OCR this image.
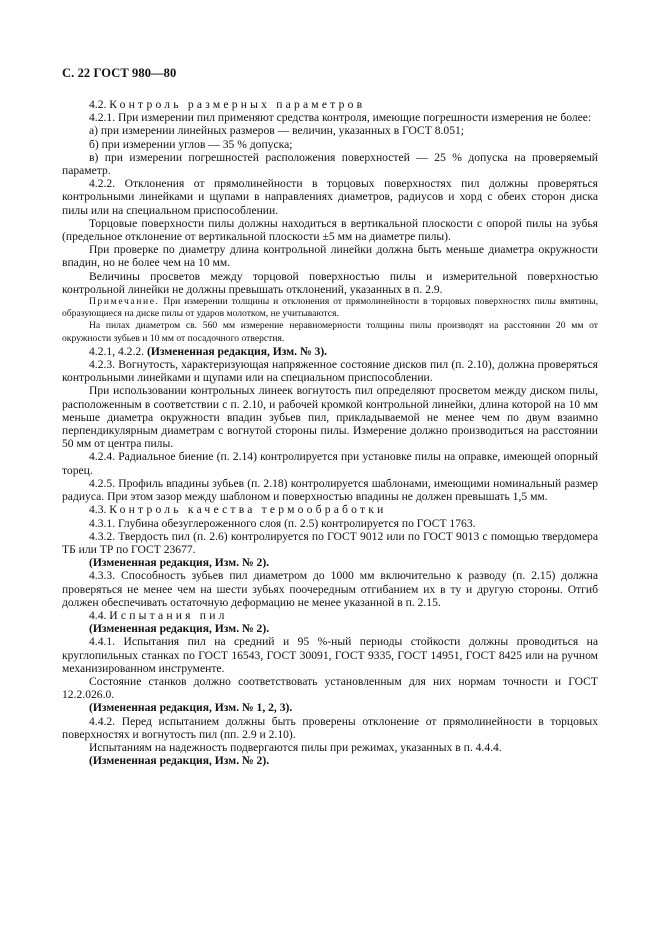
С. 22 ГОСТ 980—80

4.2. Контроль размерных параметров

4.2.1. При измерении пил применяют средства контроля, имеющие погрешности измерения не более:

а) при измерении линейных размеров — величин, указанных в ГОСТ 8.051;

б) при измерении углов — 35 % допуска;

в) при измерении погрешностей расположения поверхностей — 25 % допуска на проверяемый параметр.

4.2.2. Отклонения от прямолинейности в торцовых поверхностях пил должны проверяться контрольными линейками и щупами в направлениях диаметров, радиусов и хорд с обеих сторон диска пилы или на специальном приспособлении.

Торцовые поверхности пилы должны находиться в вертикальной плоскости с опорой пилы на зубья (предельное отклонение от вертикальной плоскости ±5 мм на диаметре пилы).

При проверке по диаметру длина контрольной линейки должна быть меньше диаметра окружности впадин, но не более чем на 10 мм.

Величины просветов между торцовой поверхностью пилы и измерительной поверхностью контрольной линейки не должны превышать отклонений, указанных в п. 2.9.

Примечание. При измерении толщины и отклонения от прямолинейности в торцовых поверхностях пилы вмятины, образующиеся на диске пилы от ударов молотком, не учитываются.

На пилах диаметром св. 560 мм измерение неравномерности толщины пилы производят на расстоянии 20 мм от окружности зубьев и 10 мм от посадочного отверстия.

4.2.1, 4.2.2. (Измененная редакция, Изм. № 3).

4.2.3. Вогнутость, характеризующая напряженное состояние дисков пил (п. 2.10), должна проверяться контрольными линейками и щупами или на специальном приспособлении.

При использовании контрольных линеек вогнутость пил определяют просветом между диском пилы, расположенным в соответствии с п. 2.10, и рабочей кромкой контрольной линейки, длина которой на 10 мм меньше диаметра окружности впадин зубьев пил, прикладываемой не менее чем по двум взаимно перпендикулярным диаметрам с вогнутой стороны пилы. Измерение должно производиться на расстоянии 50 мм от центра пилы.

4.2.4. Радиальное биение (п. 2.14) контролируется при установке пилы на оправке, имеющей опорный торец.

4.2.5. Профиль впадины зубьев (п. 2.18) контролируется шаблонами, имеющими номинальный размер радиуса. При этом зазор между шаблоном и поверхностью впадины не должен превышать 1,5 мм.

4.3. Контроль качества термообработки

4.3.1. Глубина обезуглероженного слоя (п. 2.5) контролируется по ГОСТ 1763.

4.3.2. Твердость пил (п. 2.6) контролируется по ГОСТ 9012 или по ГОСТ 9013 с помощью твердомера ТБ или ТР по ГОСТ 23677.

(Измененная редакция, Изм. № 2).

4.3.3. Способность зубьев пил диаметром до 1000 мм включительно к разводу (п. 2.15) должна проверяться не менее чем на шести зубьях поочередным отгибанием их в ту и другую стороны. Отгиб должен обеспечивать остаточную деформацию не менее указанной в п. 2.15.

4.4. Испытания пил

(Измененная редакция, Изм. № 2).

4.4.1. Испытания пил на средний и 95 %-ный периоды стойкости должны проводиться на круглопильных станках по ГОСТ 16543, ГОСТ 30091, ГОСТ 9335, ГОСТ 14951, ГОСТ 8425 или на ручном механизированном инструменте.

Состояние станков должно соответствовать установленным для них нормам точности и ГОСТ 12.2.026.0.

(Измененная редакция, Изм. № 1, 2, 3).

4.4.2. Перед испытанием должны быть проверены отклонение от прямолинейности в торцовых поверхностях и вогнутость пил (пп. 2.9 и 2.10).

Испытаниям на надежность подвергаются пилы при режимах, указанных в п. 4.4.4.

(Измененная редакция, Изм. № 2).
